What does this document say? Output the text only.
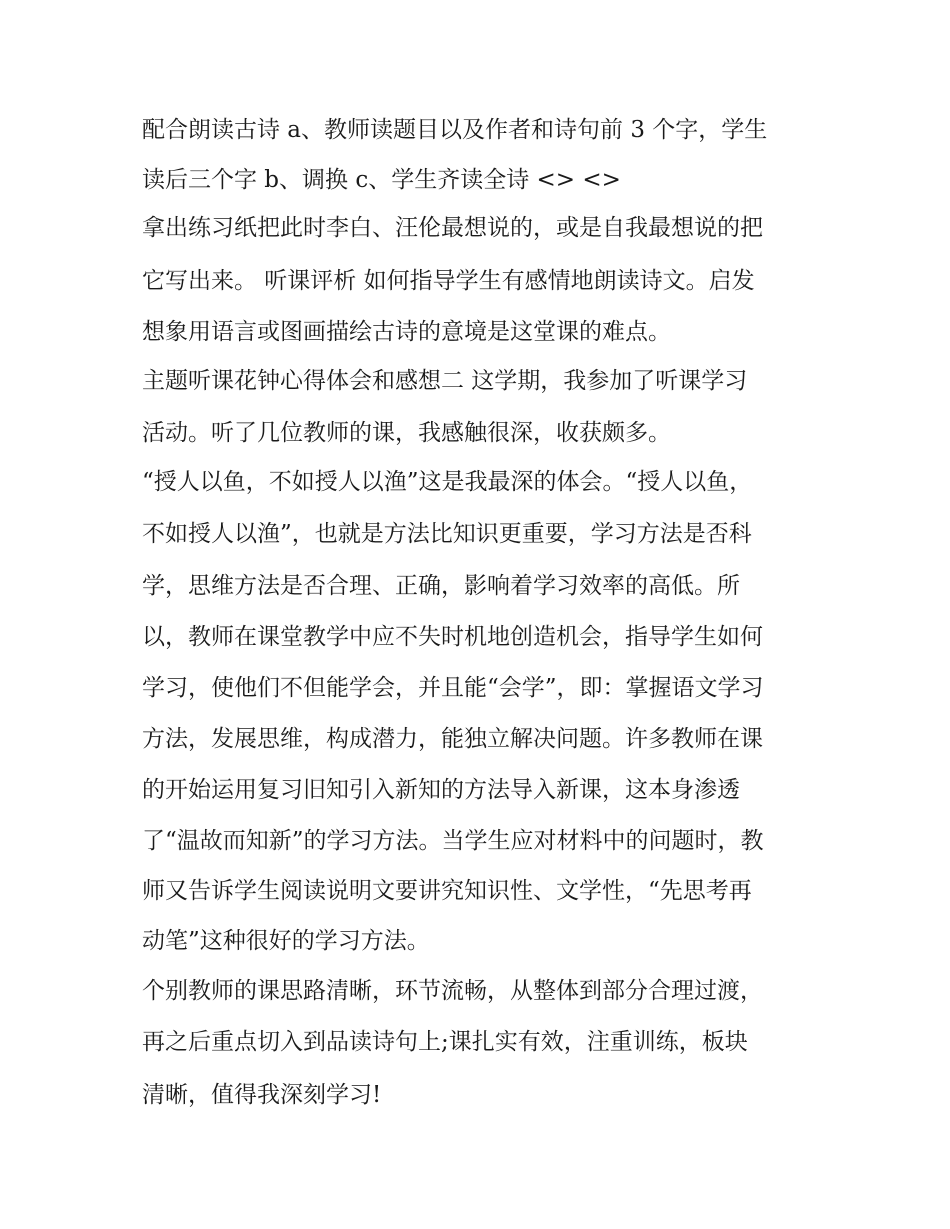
配合朗读古诗 a、教师读题目以及作者和诗句前 3 个字，学生
读后三个字 b、调换 c、学生齐读全诗 <> <>
拿出练习纸把此时李白、汪伦最想说的，或是自我最想说的把
它写出来。 听课评析 如何指导学生有感情地朗读诗文。启发
想象用语言或图画描绘古诗的意境是这堂课的难点。
主题听课花钟心得体会和感想二 这学期，我参加了听课学习
活动。听了几位教师的课，我感触很深，收获颇多。
“授人以鱼，不如授人以渔”这是我最深的体会。“授人以鱼，
不如授人以渔”，也就是方法比知识更重要，学习方法是否科
学，思维方法是否合理、正确，影响着学习效率的高低。所
以，教师在课堂教学中应不失时机地创造机会，指导学生如何
学习，使他们不但能学会，并且能“会学”，即：掌握语文学习
方法，发展思维，构成潜力，能独立解决问题。许多教师在课
的开始运用复习旧知引入新知的方法导入新课，这本身渗透
了“温故而知新”的学习方法。当学生应对材料中的问题时，教
师又告诉学生阅读说明文要讲究知识性、文学性，“先思考再
动笔”这种很好的学习方法。
个别教师的课思路清晰，环节流畅，从整体到部分合理过渡，
再之后重点切入到品读诗句上;课扎实有效，注重训练，板块
清晰，值得我深刻学习!
